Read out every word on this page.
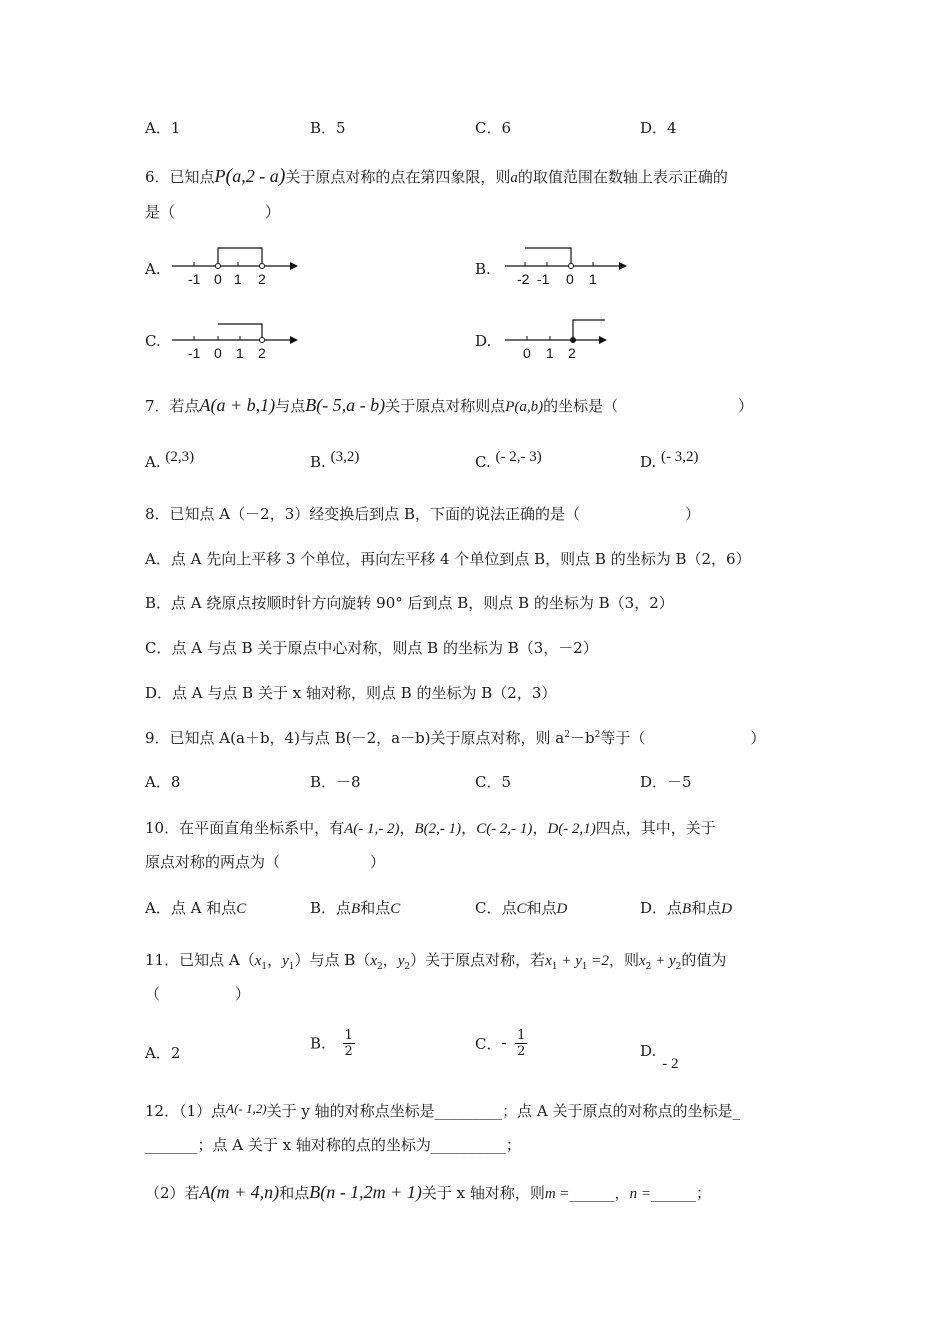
A．1	B．5	C．6	D．4
6．已知点P(a,2 - a)关于原点对称的点在第四象限，则a的取值范围在数轴上表示正确的
是（　　　　　　）
A.
-1 0 1 2
B.
-2 -1 0 1
C.
-1 0 1 2
D.
0 1 2
7．若点A(a + b,1)与点B(- 5,a - b)关于原点对称则点P(a,b)的坐标是（　　　　　　　　）
A. (2,3)	B. (3,2)	C. (- 2,- 3)	D. (- 3,2)
8．已知点 A（－2，3）经变换后到点 B，下面的说法正确的是（　　　　　　　）
A．点 A 先向上平移 3 个单位，再向左平移 4 个单位到点 B，则点 B 的坐标为 B（2，6）
B．点 A 绕原点按顺时针方向旋转 90° 后到点 B，则点 B 的坐标为 B（3，2）
C．点 A 与点 B 关于原点中心对称，则点 B 的坐标为 B（3，－2）
D．点 A 与点 B 关于 x 轴对称，则点 B 的坐标为 B（2，3）
9．已知点 A(a＋b，4)与点 B(－2，a－b)关于原点对称，则 $a^2-b^2$等于（　　　　　　　）
A．8	B．－8	C．5	D．－5
10．在平面直角坐标系中，有A(- 1,- 2)，B(2,- 1)，C(- 2,- 1)，D(- 2,1)四点，其中，关于
原点对称的两点为（　　　　　　）
A．点 A 和点C	B．点B和点C	C．点C和点D	D．点B和点D
11．已知点 $A(x_1$，$y_1$）与点 $B(x_2$，$y_2$）关于原点对称，若$x_1 + y_1 =2$，则$x_2 + y_2$的值为
（　　　　　）
A．2
B. $\frac{1}{2}$	C．- $\frac{1}{2}$	D.- 2
12．（1）点A(- 1,2)关于 y 轴的对称点坐标是_________；点 A 关于原点的对称点的坐标是_
_______；点 A 关于 x 轴对称的点的坐标为__________；
（2）若A(m + 4,n)和点B(n - 1,2m + 1)关于 x 轴对称，则m =______，n =______；
